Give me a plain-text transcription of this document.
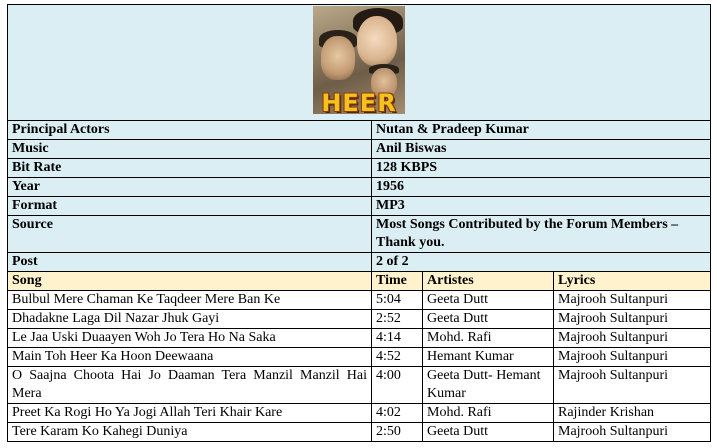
HEER			

Principal Actors	Nutan & Pradeep Kumar		
Music	Anil Biswas		
Bit Rate	128 KBPS		
Year	1956		
Format	MP3		
Source	Most Songs Contributed by the Forum Members – Thank you.		
Post	2 of 2		
Song	Time	Artistes	Lyrics
Bulbul Mere Chaman Ke Taqdeer Mere Ban Ke	5:04	Geeta Dutt	Majrooh Sultanpuri
Dhadakne Laga Dil Nazar Jhuk Gayi	2:52	Geeta Dutt	Majrooh Sultanpuri
Le Jaa Uski Duaayen Woh Jo Tera Ho Na Saka	4:14	Mohd. Rafi	Majrooh Sultanpuri
Main Toh Heer Ka Hoon Deewaana	4:52	Hemant Kumar	Majrooh Sultanpuri
O Saajna Choota Hai Jo Daaman Tera Manzil Manzil Hai Mera	4:00	Geeta Dutt- Hemant Kumar	Majrooh Sultanpuri
Preet Ka Rogi Ho Ya Jogi Allah Teri Khair Kare	4:02	Mohd. Rafi	Rajinder Krishan
Tere Karam Ko Kahegi Duniya	2:50	Geeta Dutt	Majrooh Sultanpuri
